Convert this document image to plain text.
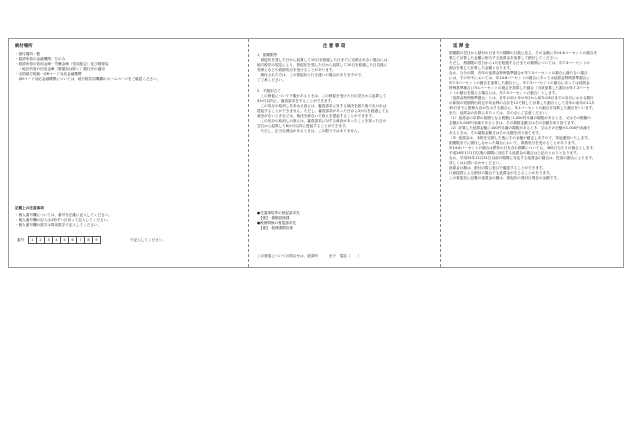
納付場所
・納付場所一覧
・経済所管の金融機関：左のみ
・経済所管の信用金庫・労働金庫（信用組合）及び郵便局
　・地区所管の信用金庫（郵便局は除く）銀行法の適用
・全国地方税統一QRコード対応金融機関
　QRコード対応金融機関については、地方税共同機構のホームページをご確認ください。
記載上の注意事項
・個人番号欄については、番号を正確に記入してください。
・個人番号欄の記入は1桁ずつ区切って記入してください。
・個人番号欄の数字は算用数字で記入してください。
番号	1	2	3	4	5	6	7	8	9	で記入してください。
注 意 事 項
1　納期限等
　督促状を発した日から起算して10日を経過した日までに完納されない場合には、
地方税法の規定により、督促状を発した日から起算して10日を経過した日以後に
差押えなどの滞納処分を受けることがあります。
　納付された方は、この督促状と行き違いの場合がありますので、
ご了承ください。
2　不服申立て
　この督促について不服があるときは、この督促を受けた日の翌日から起算して
3か月以内に、審査請求をすることができます。
　この処分の取消しを求める訴えは、審査請求に対する裁決を経た後でなければ
提起することができません。ただし、審査請求があった日から3か月を経過しても
裁決がないときなどは、裁決を経ないで訴えを提起することができます。
　この処分の取消しの訴えは、審査請求に対する裁決があったことを知った日の
翌日から起算して6か月以内に提起することができます。
　ただし、正当な理由があるときは、この限りではありません。
●交通事故等の督促請求先
　【係】　債権管理課
●税務関係の督促請求先
　【係】　税務課徴収係
この督促についての問合せは、経済所　　　まで　電話（　　）
延 滞 金
納期限の翌日から納付の日までの期間の日数に応じ、その金額に年14.6パーセントの割合を
乗じて計算した金額に相当する延滞金を加算して納付してください。
ただし、納期限の翌日から1月を経過する日までの期間については、年7.3パーセントの
割合を乗じて計算した金額となります。
なお、当分の間、各年の延滞金特例基準割合が年7.3パーセントの割合に満たない場合
には、その年中においては、年14.6パーセントの割合にあっては延滞金特例基準割合に
年7.3パーセントの割合を加算した割合とし、年7.3パーセントの割合にあっては延滞金
特例基準割合に年1パーセントの割合を加算した割合（当該加算した割合が年7.3パーセ
ントの割合を超える場合には、年7.3パーセントの割合）とします。
「延滞金特例基準割合」とは、各年の前々年の9月から前年の8月までの各月における銀行
の新規の短期貸出約定平均金利の合計を12で除して計算した割合として各年の前年の11月
30日までに財務大臣が告示する割合に、年1パーセントの割合を加算した割合をいいます。
また、延滞金の計算にあたっては、次の点にご注意ください。
（1）延滞金の計算の基礎となる税額に1,000円未満の端数があるとき、又はその税額の
全額が2,000円未満であるときは、その端数金額又はその全額を切り捨てます。
（2）計算した延滞金額に100円未満の端数があるとき、又はその全額が1,000円未満で
あるときは、その端数金額又はその全額を切り捨てます。
（3）延滞金は、本税を完納した後にその金額が確定しますので、別途通知いたします。
納期限までに納付しなかった場合において、滞納処分を受けることがあります。
年14.6パーセントの割合は閏年の日を含む期間についても、365日当たりの割合とします。
平成26年1月1日以後の期間に対応する延滞金の割合は上記のとおりとなります。
なお、平成25年12月31日以前の期間に対応する延滞金の割合は、従前の割合によります。
詳しくはお問い合わせください。
延滞金の額は、納付の際に窓口で確認することができます。
口座振替による納付の場合でも延滞金が生じることがあります。
この督促状に記載の延滞金の額は、督促状の発付日現在の金額です。
